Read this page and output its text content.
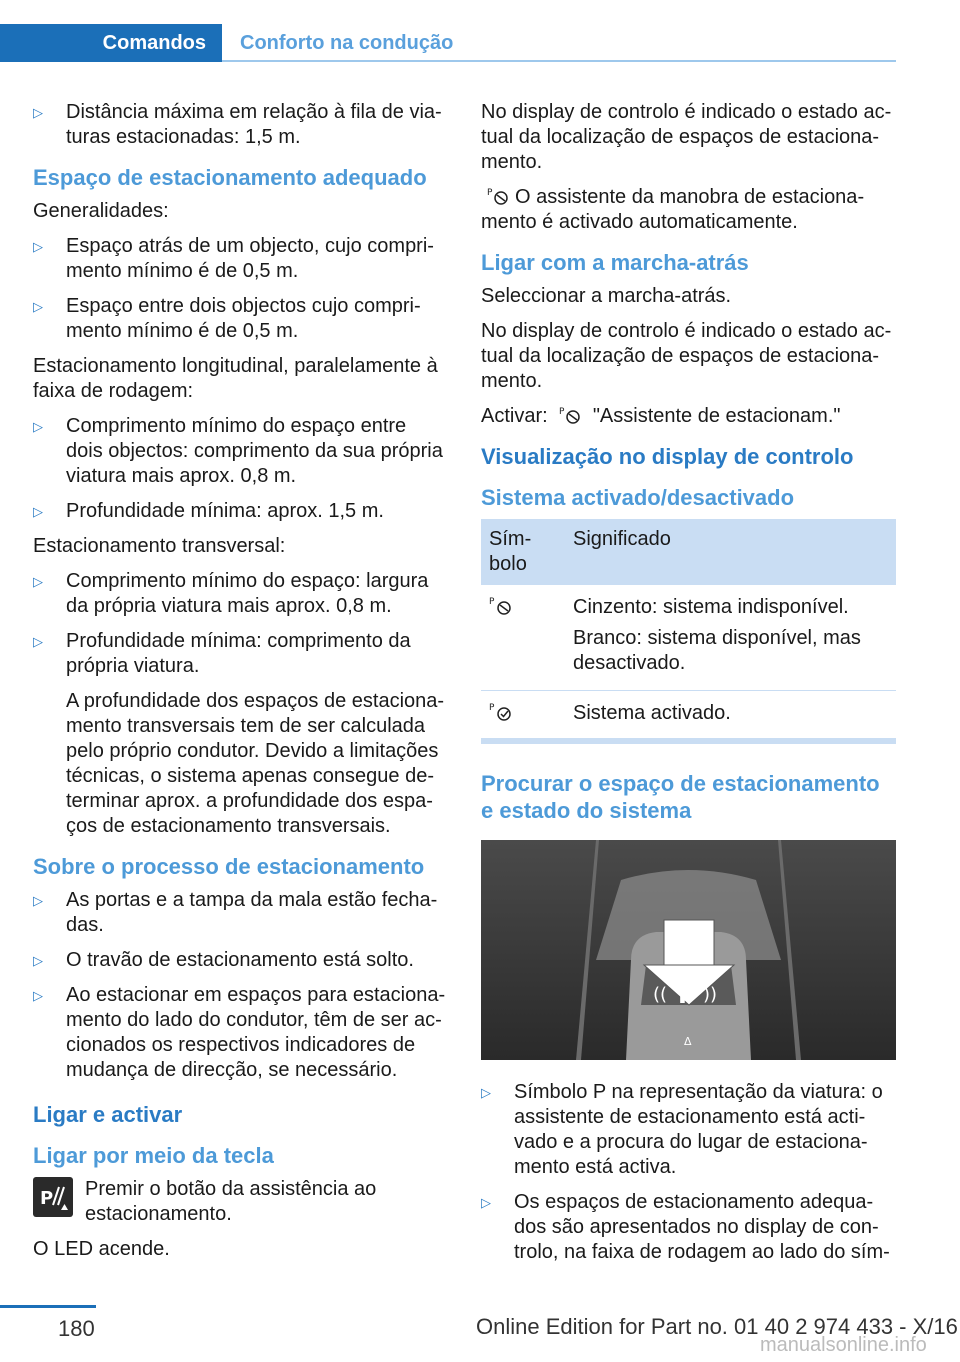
Comandos	Conforto na condução
▷	Distância máxima em relação à fila de viaturas estacionadas: 1,5 m.
Espaço de estacionamento adequado

Generalidades:

▷	Espaço atrás de um objecto, cujo comprimento mínimo é de 0,5 m.
▷	Espaço entre dois objectos cujo comprimento mínimo é de 0,5 m.

Estacionamento longitudinal, paralelamente à faixa de rodagem:

▷	Comprimento mínimo do espaço entre dois objectos: comprimento da sua própria viatura mais aprox. 0,8 m.
▷	Profundidade mínima: aprox. 1,5 m.

Estacionamento transversal:

▷	Comprimento mínimo do espaço: largura da própria viatura mais aprox. 0,8 m.
▷	Profundidade mínima: comprimento da própria viatura.

A profundidade dos espaços de estacionamento transversais tem de ser calculada pelo próprio condutor. Devido a limitações técnicas, o sistema apenas consegue determinar aprox. a profundidade dos espaços de estacionamento transversais.

Sobre o processo de estacionamento
▷	As portas e a tampa da mala estão fechadas.
▷	O travão de estacionamento está solto.
▷	Ao estacionar em espaços para estacionamento do lado do condutor, têm de ser accionados os respectivos indicadores de mudança de direcção, se necessário.
Ligar e activar
Ligar por meio da tecla
P	Premir o botão da assistência ao estacionamento.

O LED acende.

No display de controlo é indicado o estado actual da localização de espaços de estacionamento.

P O assistente da manobra de estacionamento é activado automaticamente.

Ligar com a marcha-atrás

Seleccionar a marcha-atrás.

No display de controlo é indicado o estado actual da localização de espaços de estacionamento.

Activar: P "Assistente de estacionam."

Visualização no display de controlo
Sistema activado/desactivado
Símbolo	Significado

P	Cinzento: sistema indisponível.

Branco: sistema disponível, mas desactivado.

P	Sistema activado.
Procurar o espaço de estacionamento e estado do sistema
P
(( ))
ᐃ
▷	Símbolo P na representação da viatura: o assistente de estacionamento está activado e a procura do lugar de estacionamento está activa.
▷	Os espaços de estacionamento adequados são apresentados no display de controlo, na faixa de rodagem ao lado do sím-
180	Online Edition for Part no. 01 40 2 974 433 - X/16
manualsonline.info
